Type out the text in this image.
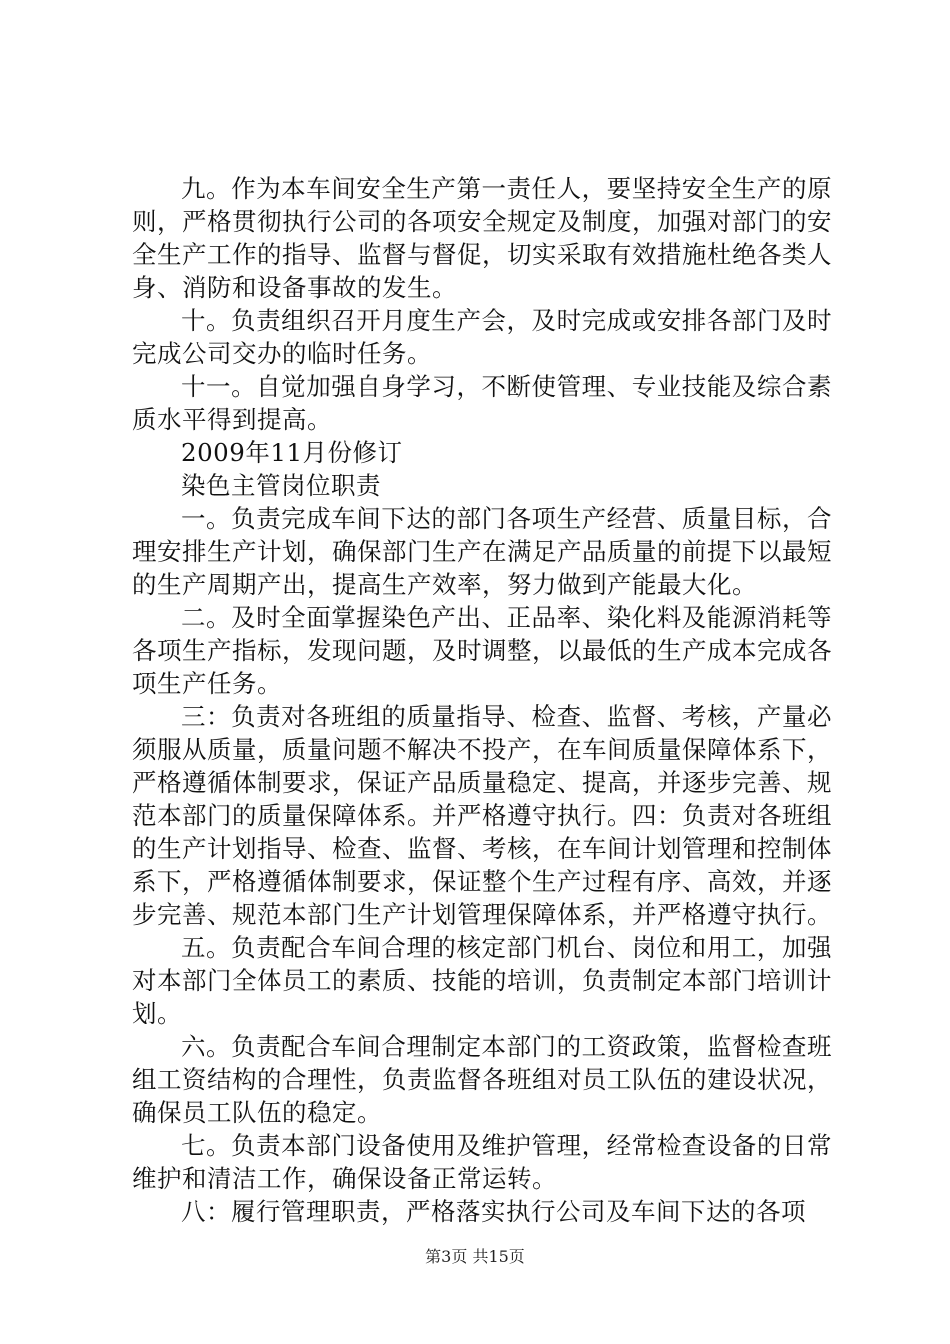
九。作为本车间安全生产第一责任人，要坚持安全生产的原则，严格贯彻执行公司的各项安全规定及制度，加强对部门的安全生产工作的指导、监督与督促，切实采取有效措施杜绝各类人身、消防和设备事故的发生。

十。负责组织召开月度生产会，及时完成或安排各部门及时完成公司交办的临时任务。

十一。自觉加强自身学习，不断使管理、专业技能及综合素质水平得到提高。

2009年11月份修订

染色主管岗位职责

一。负责完成车间下达的部门各项生产经营、质量目标，合理安排生产计划，确保部门生产在满足产品质量的前提下以最短的生产周期产出，提高生产效率，努力做到产能最大化。

二。及时全面掌握染色产出、正品率、染化料及能源消耗等各项生产指标，发现问题，及时调整，以最低的生产成本完成各项生产任务。

三：负责对各班组的质量指导、检查、监督、考核，产量必须服从质量，质量问题不解决不投产，在车间质量保障体系下，严格遵循体制要求，保证产品质量稳定、提高，并逐步完善、规范本部门的质量保障体系。并严格遵守执行。四：负责对各班组的生产计划指导、检查、监督、考核，在车间计划管理和控制体系下，严格遵循体制要求，保证整个生产过程有序、高效，并逐步完善、规范本部门生产计划管理保障体系，并严格遵守执行。

五。负责配合车间合理的核定部门机台、岗位和用工，加强对本部门全体员工的素质、技能的培训，负责制定本部门培训计划。

六。负责配合车间合理制定本部门的工资政策，监督检查班组工资结构的合理性，负责监督各班组对员工队伍的建设状况，确保员工队伍的稳定。

七。负责本部门设备使用及维护管理，经常检查设备的日常维护和清洁工作，确保设备正常运转。

八：履行管理职责，严格落实执行公司及车间下达的各项

第3页 共15页
